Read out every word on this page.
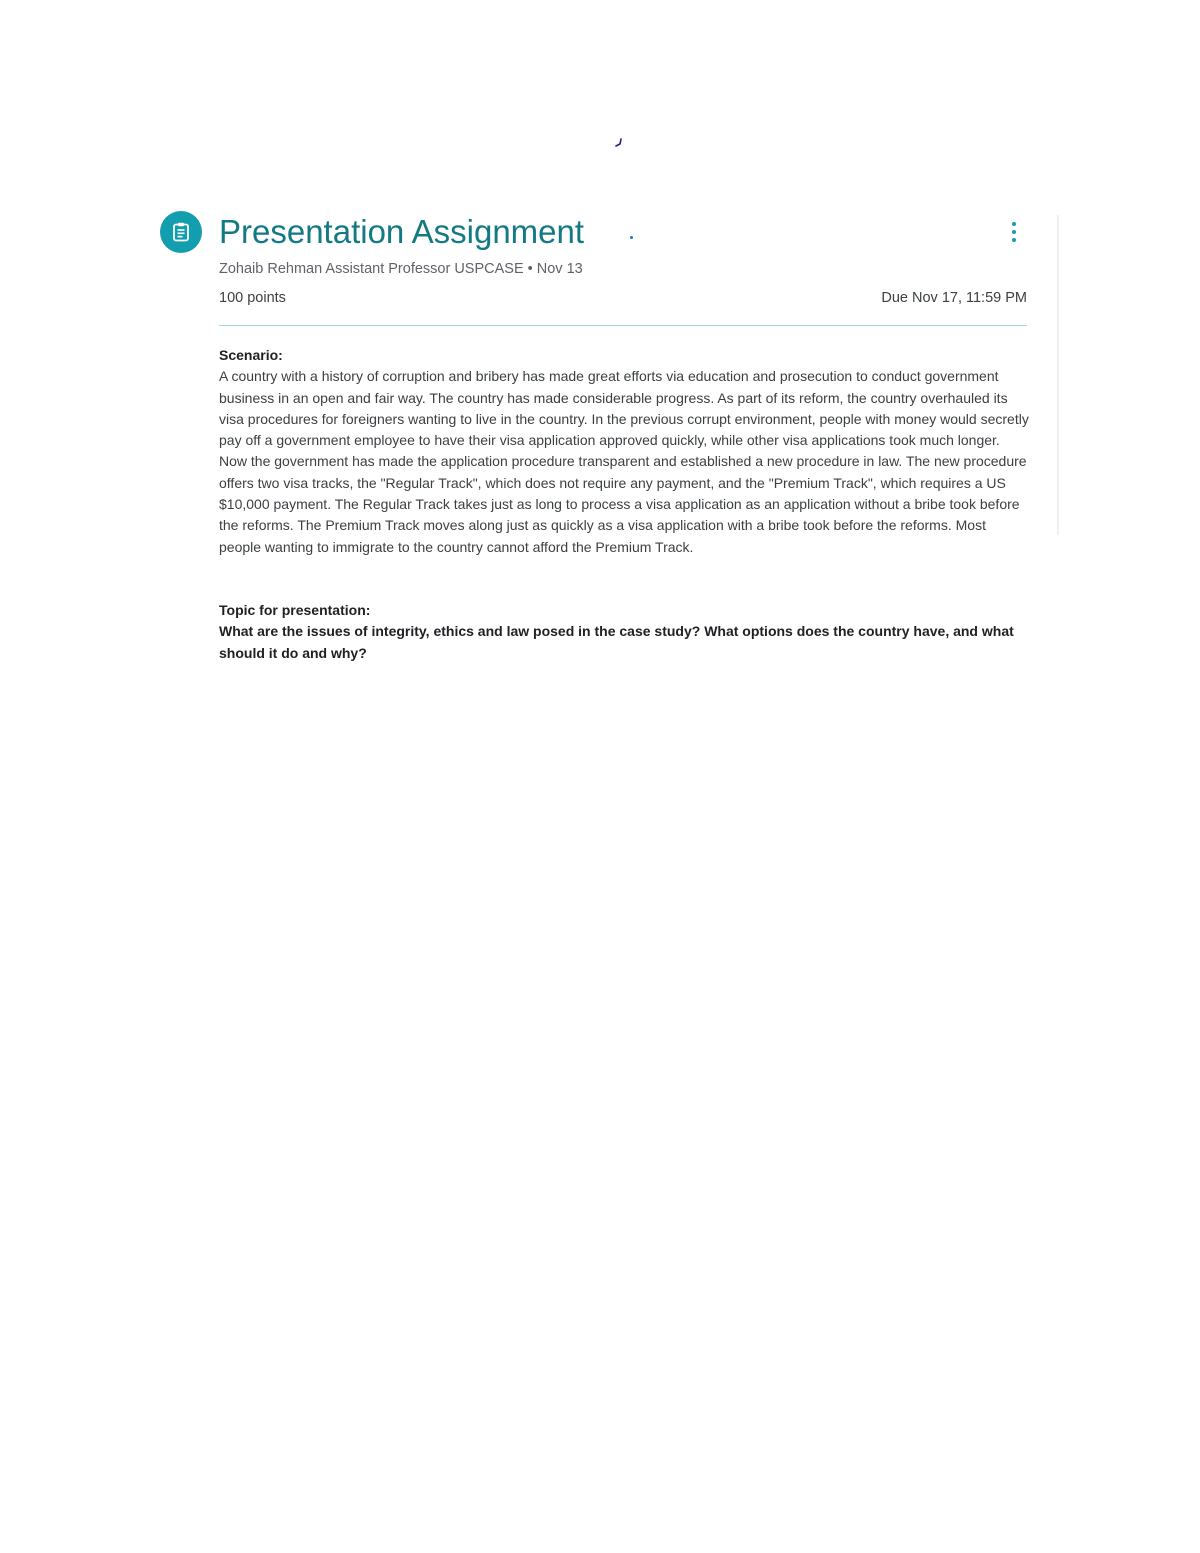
Presentation Assignment
Zohaib Rehman Assistant Professor USPCASE • Nov 13
100 points	Due Nov 17, 11:59 PM

Scenario:

A country with a history of corruption and bribery has made great efforts via education and prosecution to conduct government business in an open and fair way. The country has made considerable progress. As part of its reform, the country overhauled its visa procedures for foreigners wanting to live in the country. In the previous corrupt environment, people with money would secretly pay off a government employee to have their visa application approved quickly, while other visa applications took much longer. Now the government has made the application procedure transparent and established a new procedure in law. The new procedure offers two visa tracks, the "Regular Track", which does not require any payment, and the "Premium Track", which requires a US $10,000 payment. The Regular Track takes just as long to process a visa application as an application without a bribe took before the reforms. The Premium Track moves along just as quickly as a visa application with a bribe took before the reforms. Most people wanting to immigrate to the country cannot afford the Premium Track.

Topic for presentation:

What are the issues of integrity, ethics and law posed in the case study? What options does the country have, and what should it do and why?
